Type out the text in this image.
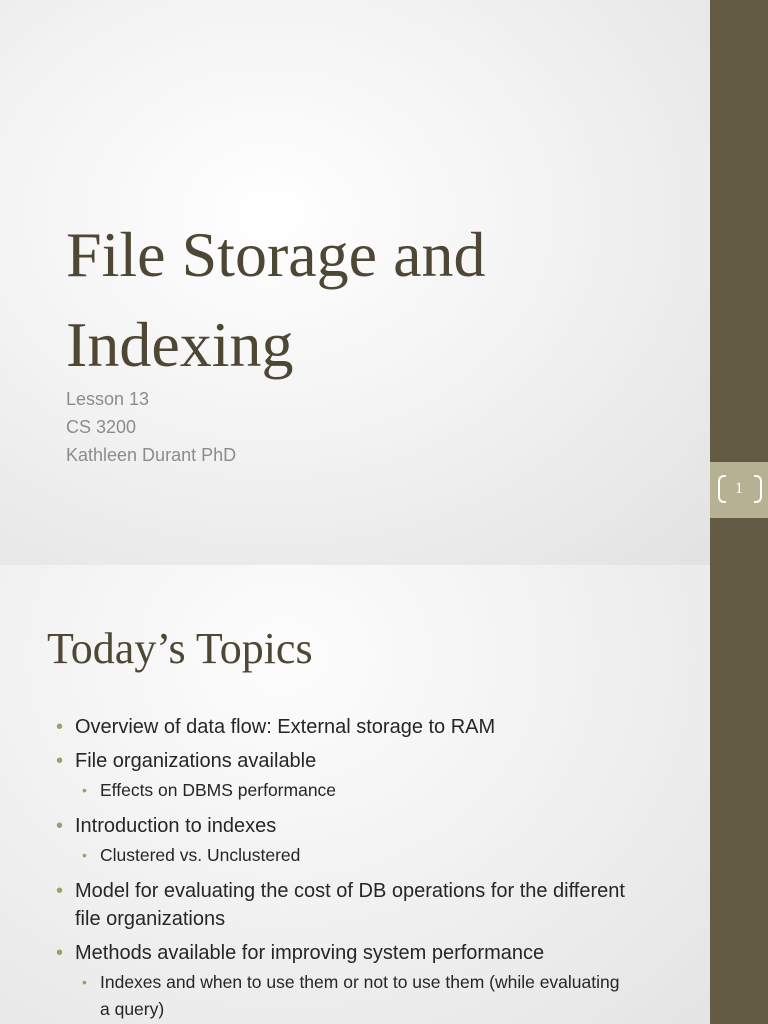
File Storage and
Indexing
Lesson 13
CS 3200
Kathleen Durant PhD
Today’s Topics
• Overview of data flow: External storage to RAM
• File organizations available
• Effects on DBMS performance
• Introduction to indexes
• Clustered vs. Unclustered
• Model for evaluating the cost of DB operations for the different file organizations
• Methods available for improving system performance
• Indexes and when to use them or not to use them (while evaluating a query)
1
